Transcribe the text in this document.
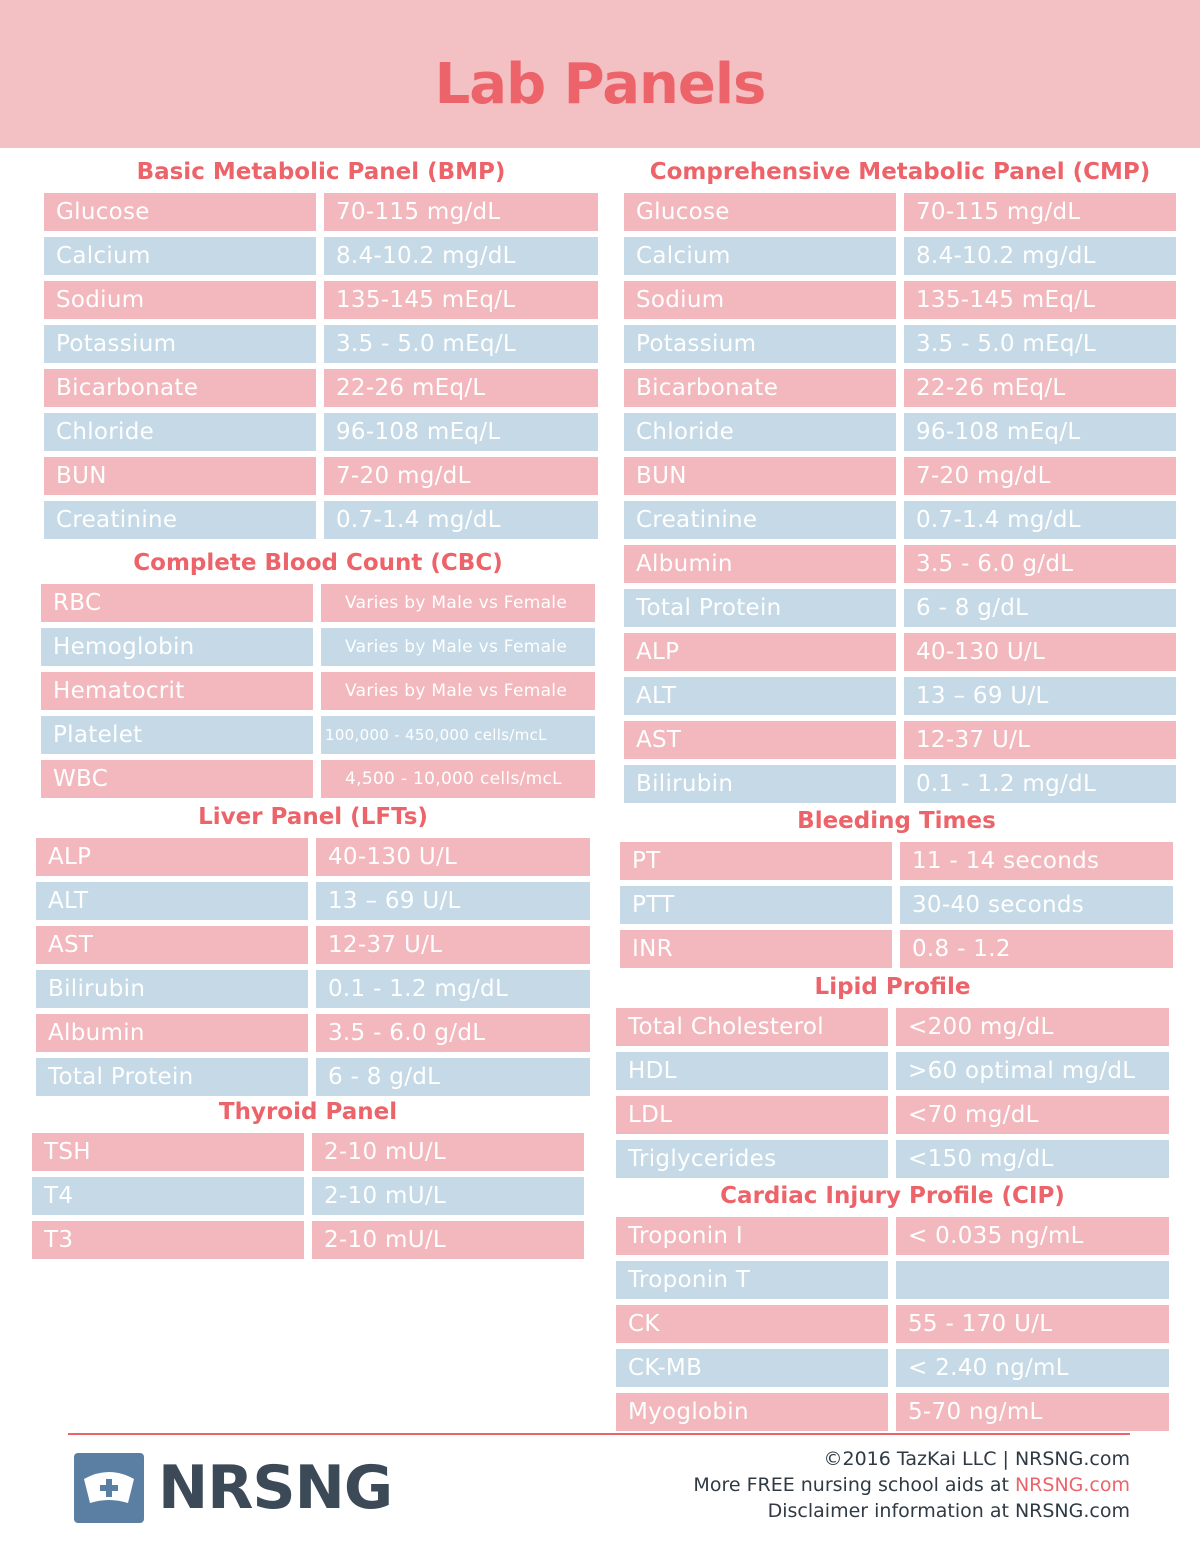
Lab Panels
Basic Metabolic Panel (BMP)
Glucose	70-115 mg/dL
Calcium	8.4-10.2 mg/dL
Sodium	135-145 mEq/L
Potassium	3.5 - 5.0 mEq/L
Bicarbonate	22-26 mEq/L
Chloride	96-108 mEq/L
BUN	7-20 mg/dL
Creatinine	0.7-1.4 mg/dL
Complete Blood Count (CBC)
RBC	Varies by Male vs Female
Hemoglobin	Varies by Male vs Female
Hematocrit	Varies by Male vs Female
Platelet	100,000 - 450,000 cells/mcL
WBC	4,500 - 10,000 cells/mcL
Liver Panel (LFTs)
ALP	40-130 U/L
ALT	13 – 69 U/L
AST	12-37 U/L
Bilirubin	0.1 - 1.2 mg/dL
Albumin	3.5 - 6.0 g/dL
Total Protein	6 - 8 g/dL
Thyroid Panel
TSH	2-10 mU/L
T4	2-10 mU/L
T3	2-10 mU/L
Comprehensive Metabolic Panel (CMP)
Glucose	70-115 mg/dL
Calcium	8.4-10.2 mg/dL
Sodium	135-145 mEq/L
Potassium	3.5 - 5.0 mEq/L
Bicarbonate	22-26 mEq/L
Chloride	96-108 mEq/L
BUN	7-20 mg/dL
Creatinine	0.7-1.4 mg/dL
Albumin	3.5 - 6.0 g/dL
Total Protein	6 - 8 g/dL
ALP	40-130 U/L
ALT	13 – 69 U/L
AST	12-37 U/L
Bilirubin	0.1 - 1.2 mg/dL
Bleeding Times
PT	11 - 14 seconds
PTT	30-40 seconds
INR	0.8 - 1.2
Lipid Profile
Total Cholesterol	<200 mg/dL
HDL	>60 optimal mg/dL
LDL	<70 mg/dL
Triglycerides	<150 mg/dL
Cardiac Injury Profile (CIP)
Troponin I	< 0.035 ng/mL
Troponin T
CK	55 - 170 U/L
CK-MB	< 2.40 ng/mL
Myoglobin	5-70 ng/mL
NRSNG	©2016 TazKai LLC | NRSNG.com
More FREE nursing school aids at NRSNG.com
Disclaimer information at NRSNG.com
